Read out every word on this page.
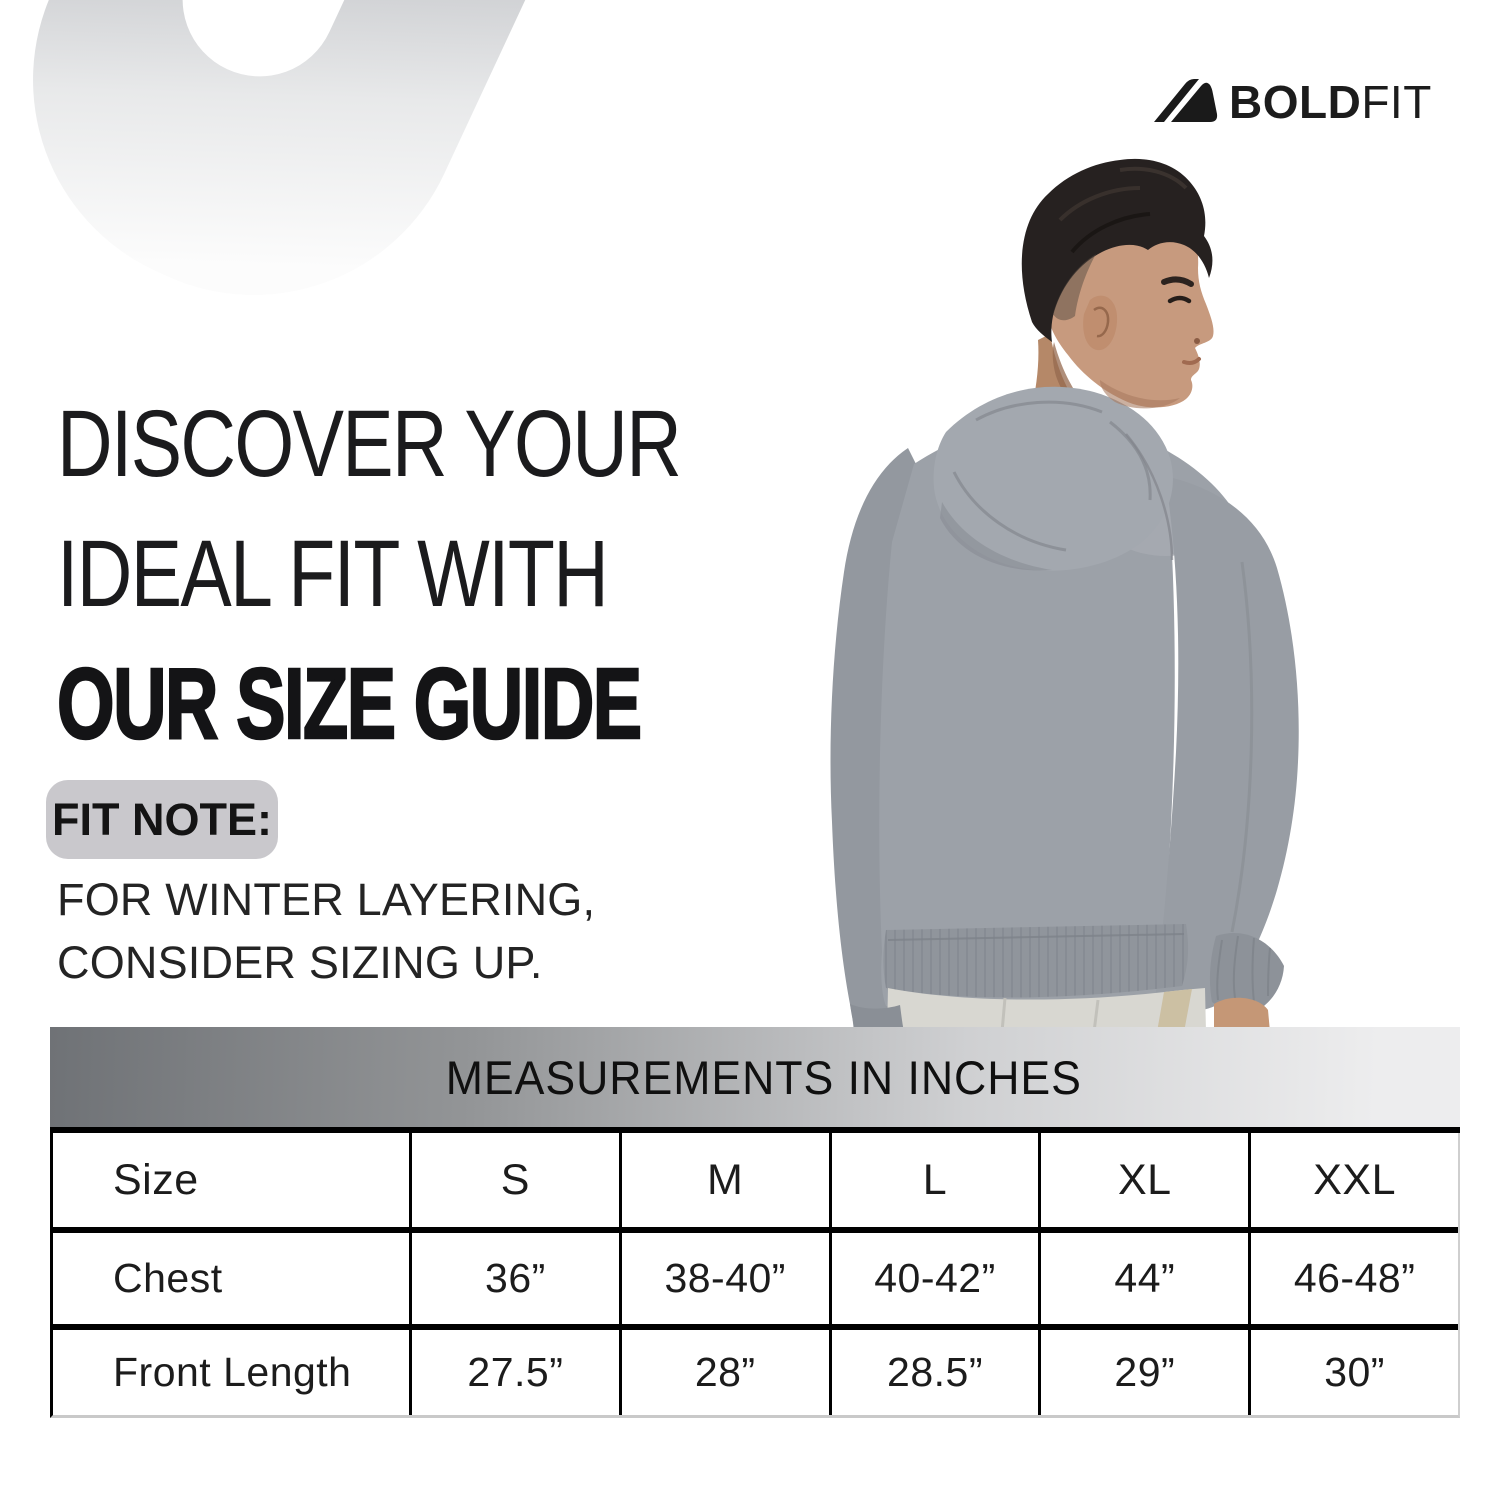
BOLDFIT
DISCOVER YOUR
IDEAL FIT WITH
OUR SIZE GUIDE
FIT NOTE:
FOR WINTER LAYERING,
CONSIDER SIZING UP.
MEASUREMENTS IN INCHES
Size	S	M	L	XL	XXL
Chest	36”	38-40”	40-42”	44”	46-48”
Front Length	27.5”	28”	28.5”	29”	30”
